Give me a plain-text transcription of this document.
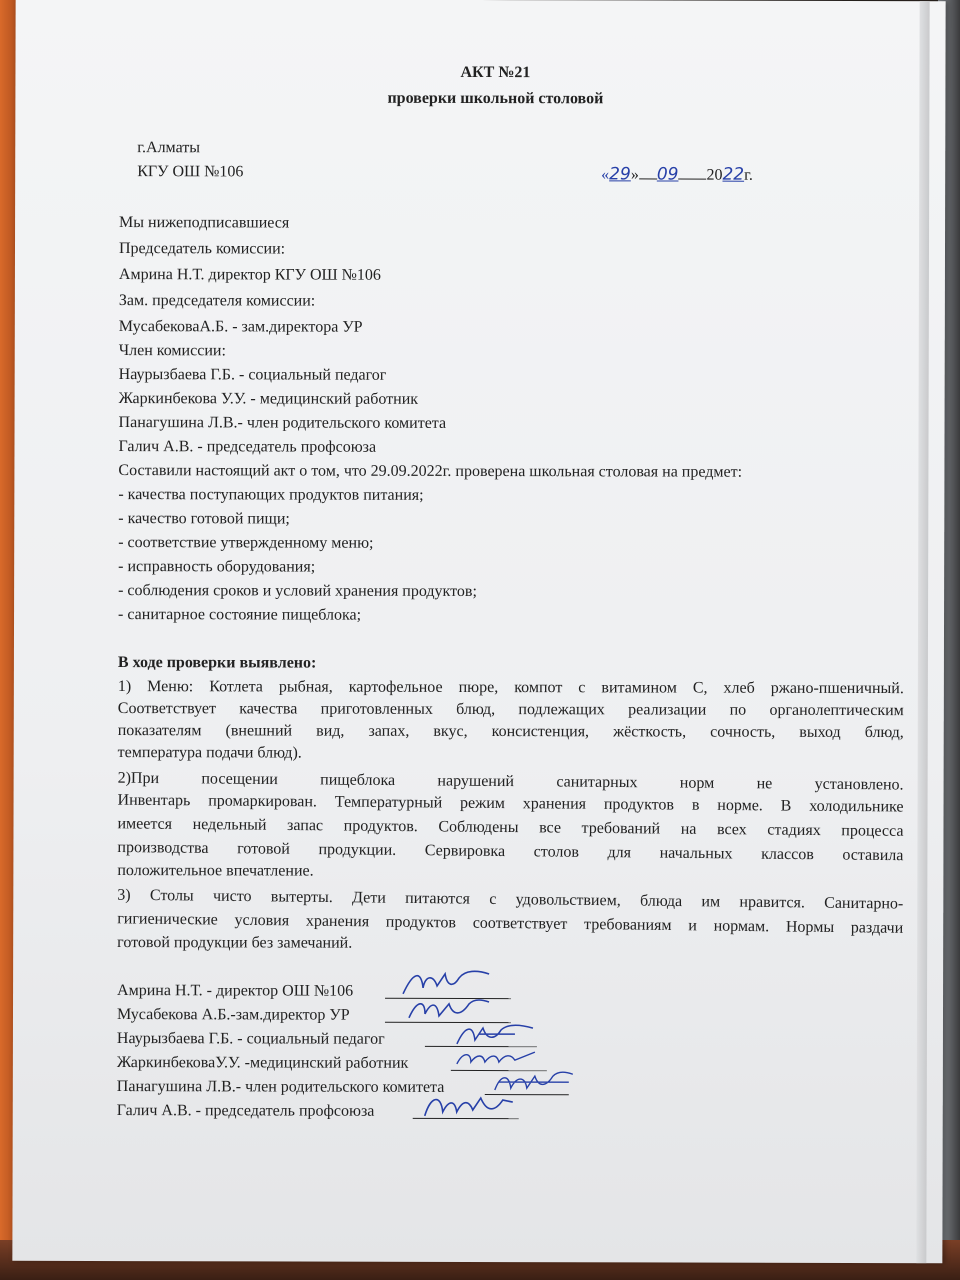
АКТ №21
проверки школьной столовой
г.Алматы
КГУ ОШ №106	«29» 09 2022г.
Мы нижеподписавшиеся
Председатель комиссии:
Амрина Н.Т. директор КГУ ОШ №106
Зам. председателя комиссии:
МусабековаА.Б. - зам.директора УР
Член комиссии:
Наурызбаева Г.Б. - социальный педагог
Жаркинбекова У.У. - медицинский работник
Панагушина Л.В.- член родительского комитета
Галич А.В. - председатель профсоюза
Составили настоящий акт о том, что 29.09.2022г. проверена школьная столовая на предмет:
- качества поступающих продуктов питания;
- качество готовой пищи;
- соответствие утвержденному меню;
- исправность оборудования;
- соблюдения сроков и условий хранения продуктов;
- санитарное состояние пищеблока;
В ходе проверки выявлено:
1) Меню: Котлета рыбная, картофельное пюре, компот с витамином С, хлеб ржано-пшеничный.
Соответствует качества приготовленных блюд, подлежащих реализации по органолептическим
показателям (внешний вид, запах, вкус, консистенция, жёсткость, сочность, выход блюд,
температура подачи блюд).
2)При посещении пищеблока нарушений санитарных норм не установлено.
Инвентарь промаркирован. Температурный режим хранения продуктов в норме. В холодильнике
имеется недельный запас продуктов. Соблюдены все требований на всех стадиях процесса
производства готовой продукции. Сервировка столов для начальных классов оставила
положительное впечатление.
3) Столы чисто вытерты. Дети питаются с удовольствием, блюда им нравится. Санитарно-
гигиенические условия хранения продуктов соответствует требованиям и нормам. Нормы раздачи
готовой продукции без замечаний.
Амрина Н.Т. - директор ОШ №106
Мусабекова А.Б.-зам.директор УР
Наурызбаева Г.Б. - социальный педагог
ЖаркинбековаУ.У. -медицинский работник
Панагушина Л.В.- член родительского комитета
Галич А.В. - председатель профсоюза
